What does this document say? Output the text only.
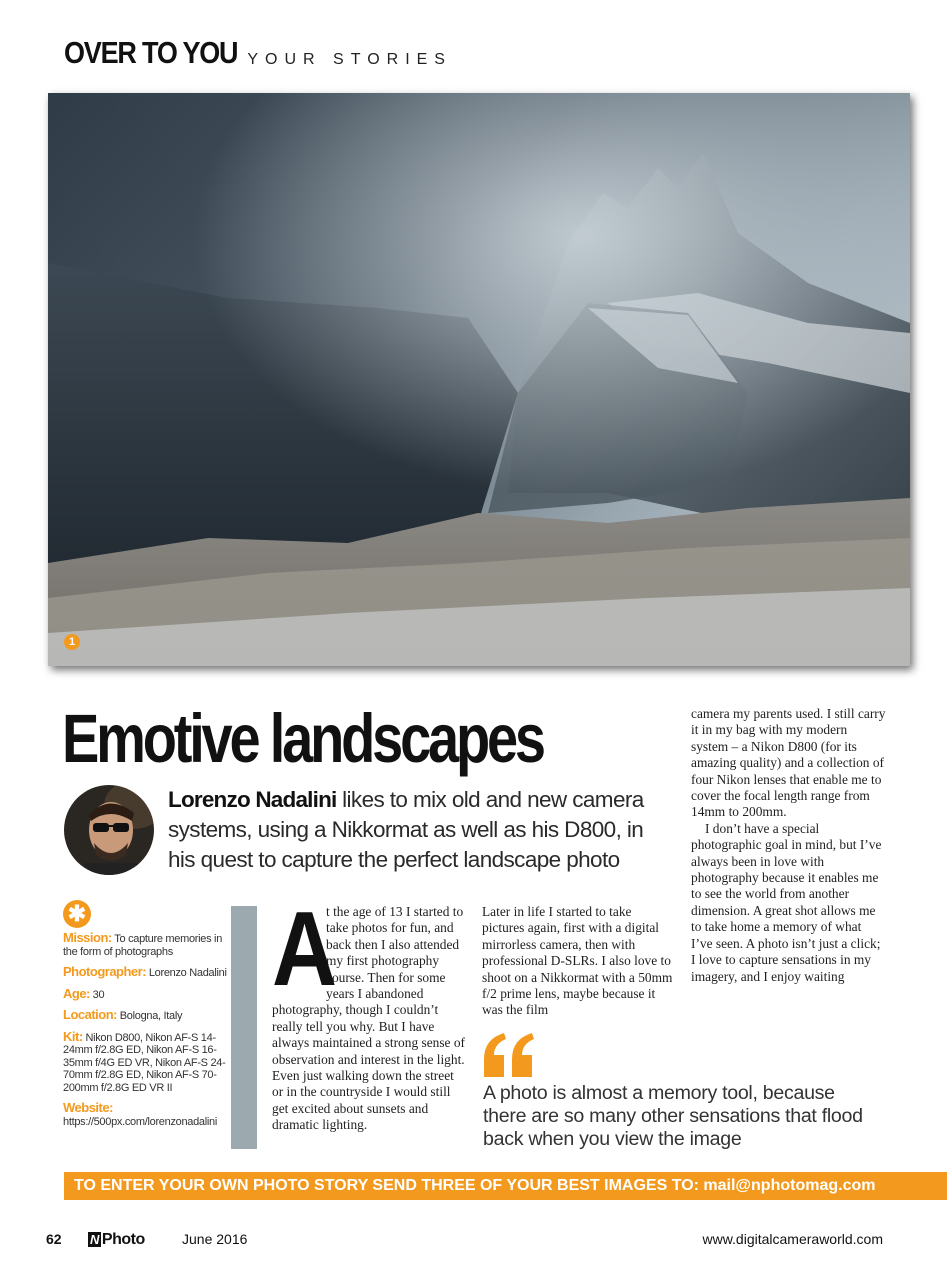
OVER TO YOU YOUR STORIES
1
Emotive landscapes
Lorenzo Nadalini likes to mix old and new camera systems, using a Nikkormat as well as his D800, in his quest to capture the perfect landscape photo
✱
Mission: To capture memories in the form of photographs
Photographer: Lorenzo Nadalini
Age: 30
Location: Bologna, Italy
Kit: Nikon D800, Nikon AF-S 14-24mm f/2.8G ED, Nikon AF-S 16-35mm f/4G ED VR, Nikon AF-S 24-70mm f/2.8G ED, Nikon AF-S 70-200mm f/2.8G ED VR II
Website: https://500px.com/lorenzonadalini
A

t the age of 13 I started to take photos for fun, and back then I also attended my first photography course. Then for some years I abandoned photography, though I couldn’t really tell you why. But I have always maintained a strong sense of observation and interest in the light. Even just walking down the street or in the countryside I would still get excited about sunsets and dramatic lighting.

Later in life I started to take pictures again, first with a digital mirrorless camera, then with professional D-SLRs. I also love to shoot on a Nikkormat with a 50mm f/2 prime lens, maybe because it was the film

camera my parents used. I still carry it in my bag with my modern system – a Nikon D800 (for its amazing quality) and a collection of four Nikon lenses that enable me to cover the focal length range from 14mm to 200mm.

I don’t have a special photographic goal in mind, but I’ve always been in love with photography because it enables me to see the world from another dimension. A great shot allows me to take home a memory of what I’ve seen. A photo isn’t just a click; I love to capture sensations in my imagery, and I enjoy waiting

A photo is almost a memory tool, because there are so many other sensations that flood back when you view the image
TO ENTER YOUR OWN PHOTO STORY SEND THREE OF YOUR BEST IMAGES TO: mail@nphotomag.com
62 N Photo	June 2016	www.digitalcameraworld.com
